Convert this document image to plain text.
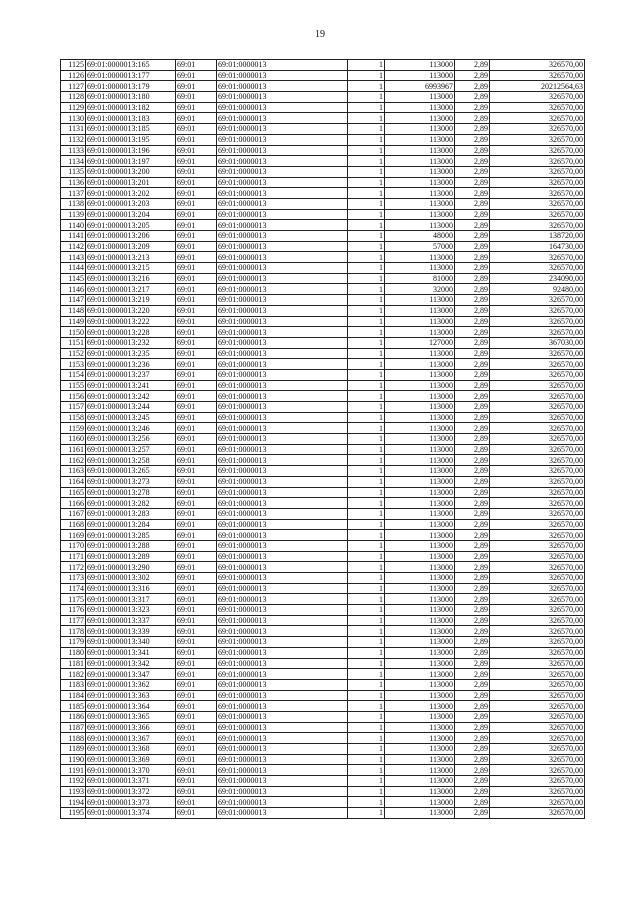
19
1125	69:01:0000013:165	69:01	69:01:0000013	1	113000	2,89	326570,00
1126	69:01:0000013:177	69:01	69:01:0000013	1	113000	2,89	326570,00
1127	69:01:0000013:179	69:01	69:01:0000013	1	6993967	2,89	20212564,63
1128	69:01:0000013:180	69:01	69:01:0000013	1	113000	2,89	326570,00
1129	69:01:0000013:182	69:01	69:01:0000013	1	113000	2,89	326570,00
1130	69:01:0000013:183	69:01	69:01:0000013	1	113000	2,89	326570,00
1131	69:01:0000013:185	69:01	69:01:0000013	1	113000	2,89	326570,00
1132	69:01:0000013:195	69:01	69:01:0000013	1	113000	2,89	326570,00
1133	69:01:0000013:196	69:01	69:01:0000013	1	113000	2,89	326570,00
1134	69:01:0000013:197	69:01	69:01:0000013	1	113000	2,89	326570,00
1135	69:01:0000013:200	69:01	69:01:0000013	1	113000	2,89	326570,00
1136	69:01:0000013:201	69:01	69:01:0000013	1	113000	2,89	326570,00
1137	69:01:0000013:202	69:01	69:01:0000013	1	113000	2,89	326570,00
1138	69:01:0000013:203	69:01	69:01:0000013	1	113000	2,89	326570,00
1139	69:01:0000013:204	69:01	69:01:0000013	1	113000	2,89	326570,00
1140	69:01:0000013:205	69:01	69:01:0000013	1	113000	2,89	326570,00
1141	69:01:0000013:206	69:01	69:01:0000013	1	48000	2,89	138720,00
1142	69:01:0000013:209	69:01	69:01:0000013	1	57000	2,89	164730,00
1143	69:01:0000013:213	69:01	69:01:0000013	1	113000	2,89	326570,00
1144	69:01:0000013:215	69:01	69:01:0000013	1	113000	2,89	326570,00
1145	69:01:0000013:216	69:01	69:01:0000013	1	81000	2,89	234090,00
1146	69:01:0000013:217	69:01	69:01:0000013	1	32000	2,89	92480,00
1147	69:01:0000013:219	69:01	69:01:0000013	1	113000	2,89	326570,00
1148	69:01:0000013:220	69:01	69:01:0000013	1	113000	2,89	326570,00
1149	69:01:0000013:222	69:01	69:01:0000013	1	113000	2,89	326570,00
1150	69:01:0000013:228	69:01	69:01:0000013	1	113000	2,89	326570,00
1151	69:01:0000013:232	69:01	69:01:0000013	1	127000	2,89	367030,00
1152	69:01:0000013:235	69:01	69:01:0000013	1	113000	2,89	326570,00
1153	69:01:0000013:236	69:01	69:01:0000013	1	113000	2,89	326570,00
1154	69:01:0000013:237	69:01	69:01:0000013	1	113000	2,89	326570,00
1155	69:01:0000013:241	69:01	69:01:0000013	1	113000	2,89	326570,00
1156	69:01:0000013:242	69:01	69:01:0000013	1	113000	2,89	326570,00
1157	69:01:0000013:244	69:01	69:01:0000013	1	113000	2,89	326570,00
1158	69:01:0000013:245	69:01	69:01:0000013	1	113000	2,89	326570,00
1159	69:01:0000013:246	69:01	69:01:0000013	1	113000	2,89	326570,00
1160	69:01:0000013:256	69:01	69:01:0000013	1	113000	2,89	326570,00
1161	69:01:0000013:257	69:01	69:01:0000013	1	113000	2,89	326570,00
1162	69:01:0000013:258	69:01	69:01:0000013	1	113000	2,89	326570,00
1163	69:01:0000013:265	69:01	69:01:0000013	1	113000	2,89	326570,00
1164	69:01:0000013:273	69:01	69:01:0000013	1	113000	2,89	326570,00
1165	69:01:0000013:278	69:01	69:01:0000013	1	113000	2,89	326570,00
1166	69:01:0000013:282	69:01	69:01:0000013	1	113000	2,89	326570,00
1167	69:01:0000013:283	69:01	69:01:0000013	1	113000	2,89	326570,00
1168	69:01:0000013:284	69:01	69:01:0000013	1	113000	2,89	326570,00
1169	69:01:0000013:285	69:01	69:01:0000013	1	113000	2,89	326570,00
1170	69:01:0000013:288	69:01	69:01:0000013	1	113000	2,89	326570,00
1171	69:01:0000013:289	69:01	69:01:0000013	1	113000	2,89	326570,00
1172	69:01:0000013:290	69:01	69:01:0000013	1	113000	2,89	326570,00
1173	69:01:0000013:302	69:01	69:01:0000013	1	113000	2,89	326570,00
1174	69:01:0000013:316	69:01	69:01:0000013	1	113000	2,89	326570,00
1175	69:01:0000013:317	69:01	69:01:0000013	1	113000	2,89	326570,00
1176	69:01:0000013:323	69:01	69:01:0000013	1	113000	2,89	326570,00
1177	69:01:0000013:337	69:01	69:01:0000013	1	113000	2,89	326570,00
1178	69:01:0000013:339	69:01	69:01:0000013	1	113000	2,89	326570,00
1179	69:01:0000013:340	69:01	69:01:0000013	1	113000	2,89	326570,00
1180	69:01:0000013:341	69:01	69:01:0000013	1	113000	2,89	326570,00
1181	69:01:0000013:342	69:01	69:01:0000013	1	113000	2,89	326570,00
1182	69:01:0000013:347	69:01	69:01:0000013	1	113000	2,89	326570,00
1183	69:01:0000013:362	69:01	69:01:0000013	1	113000	2,89	326570,00
1184	69:01:0000013:363	69:01	69:01:0000013	1	113000	2,89	326570,00
1185	69:01:0000013:364	69:01	69:01:0000013	1	113000	2,89	326570,00
1186	69:01:0000013:365	69:01	69:01:0000013	1	113000	2,89	326570,00
1187	69:01:0000013:366	69:01	69:01:0000013	1	113000	2,89	326570,00
1188	69:01:0000013:367	69:01	69:01:0000013	1	113000	2,89	326570,00
1189	69:01:0000013:368	69:01	69:01:0000013	1	113000	2,89	326570,00
1190	69:01:0000013:369	69:01	69:01:0000013	1	113000	2,89	326570,00
1191	69:01:0000013:370	69:01	69:01:0000013	1	113000	2,89	326570,00
1192	69:01:0000013:371	69:01	69:01:0000013	1	113000	2,89	326570,00
1193	69:01:0000013:372	69:01	69:01:0000013	1	113000	2,89	326570,00
1194	69:01:0000013:373	69:01	69:01:0000013	1	113000	2,89	326570,00
1195	69:01:0000013:374	69:01	69:01:0000013	1	113000	2,89	326570,00
